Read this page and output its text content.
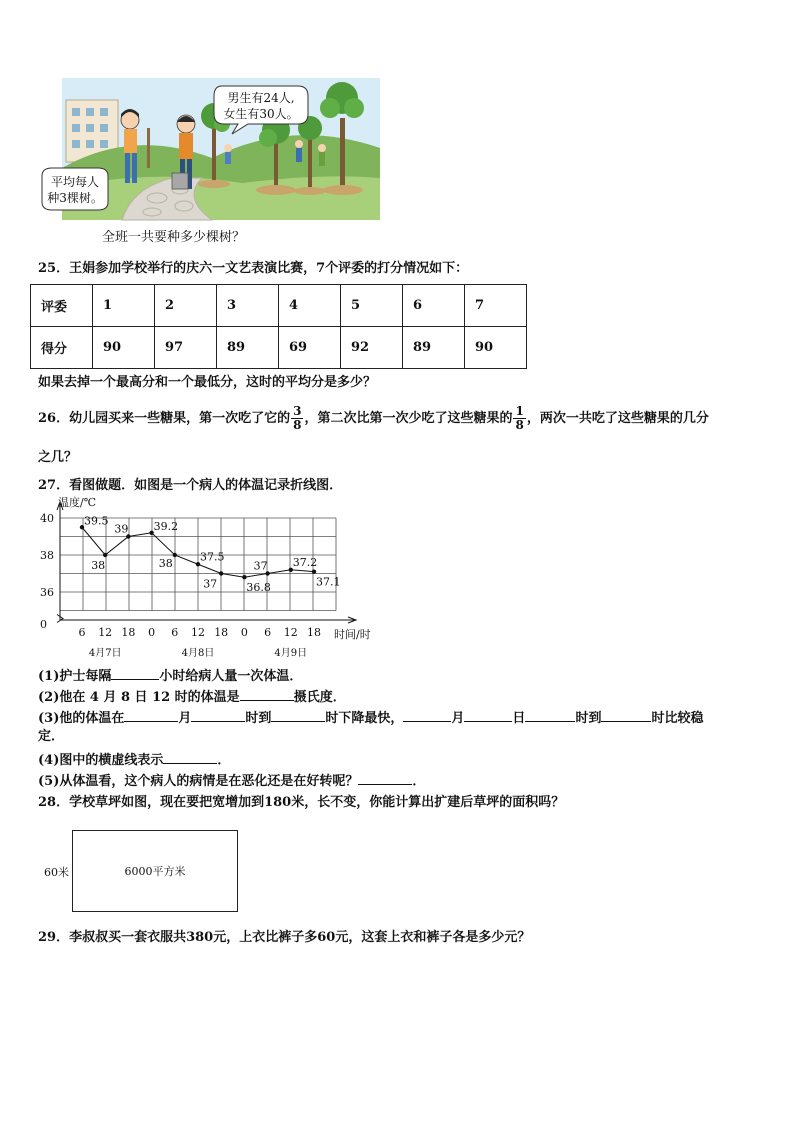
男生有24人,
女生有30人。
平均每人
种3棵树。
全班一共要种多少棵树？
25．王娟参加学校举行的庆六一文艺表演比赛，7个评委的打分情况如下：
评委	1	2	3	4	5	6	7
得分	90	97	89	69	92	89	90
如果去掉一个最高分和一个最低分，这时的平均分是多少？
26．幼儿园买来一些糖果，第一次吃了它的 $\frac{3}{8}$ ，第二次比第一次少吃了这些糖果的 $\frac{1}{8}$ ，两次一共吃了这些糖果的几分
之几？
27．看图做题．如图是一个病人的体温记录折线图．
40
38
36
0
6 12 18 0 6 12 18 0 6 12 18
4月7日	4月8日	4月9日
39.5
38
39 39.2
38
37.5
37	36.8
37 37.2
37.1
温度/℃
时间/时
(1)护士每隔	小时给病人量一次体温．
(2)他在 4 月 8 日 12 时的体温是	摄氏度．
(3)他的体温在	月	时到	时下降最快，	月	日	时到	时比较稳
定．
(4)图中的横虚线表示	．
(5)从体温看，这个病人的病情是在恶化还是在好转呢？	．
28．学校草坪如图，现在要把宽增加到180米，长不变，你能计算出扩建后草坪的面积吗？
60米	6000平方米
29．李叔叔买一套衣服共380元，上衣比裤子多60元，这套上衣和裤子各是多少元？
